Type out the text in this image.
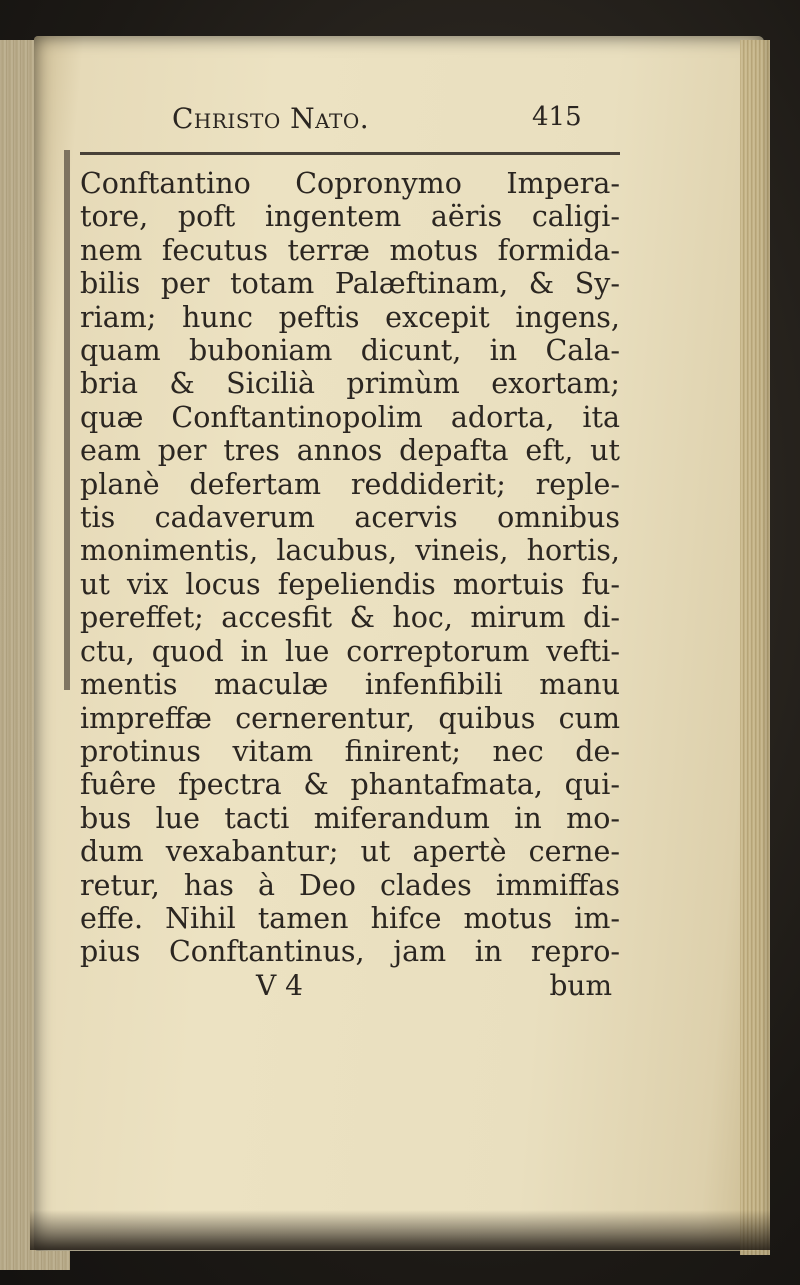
Christo Nato.	415
Conftantino Copronymo Impera-
tore, poft ingentem aëris caligi-
nem fecutus terræ motus formida-
bilis per totam Palæftinam, & Sy-
riam; hunc peftis excepit ingens,
quam buboniam dicunt, in Cala-
bria & Sicilià primùm exortam;
quæ Conftantinopolim adorta, ita
eam per tres annos depafta eft, ut
planè defertam reddiderit; reple-
tis cadaverum acervis omnibus
monimentis, lacubus, vineis, hortis,
ut vix locus fepeliendis mortuis fu-
pereffet; accesfit & hoc, mirum di-
ctu, quod in lue correptorum vefti-
mentis maculæ infenfibili manu
impreffæ cernerentur, quibus cum
protinus vitam finirent; nec de-
fuêre fpectra & phantafmata, qui-
bus lue tacti miferandum in mo-
dum vexabantur; ut apertè cerne-
retur, has à Deo clades immiffas
effe. Nihil tamen hifce motus im-
pius Conftantinus, jam in repro-
V 4	bum
